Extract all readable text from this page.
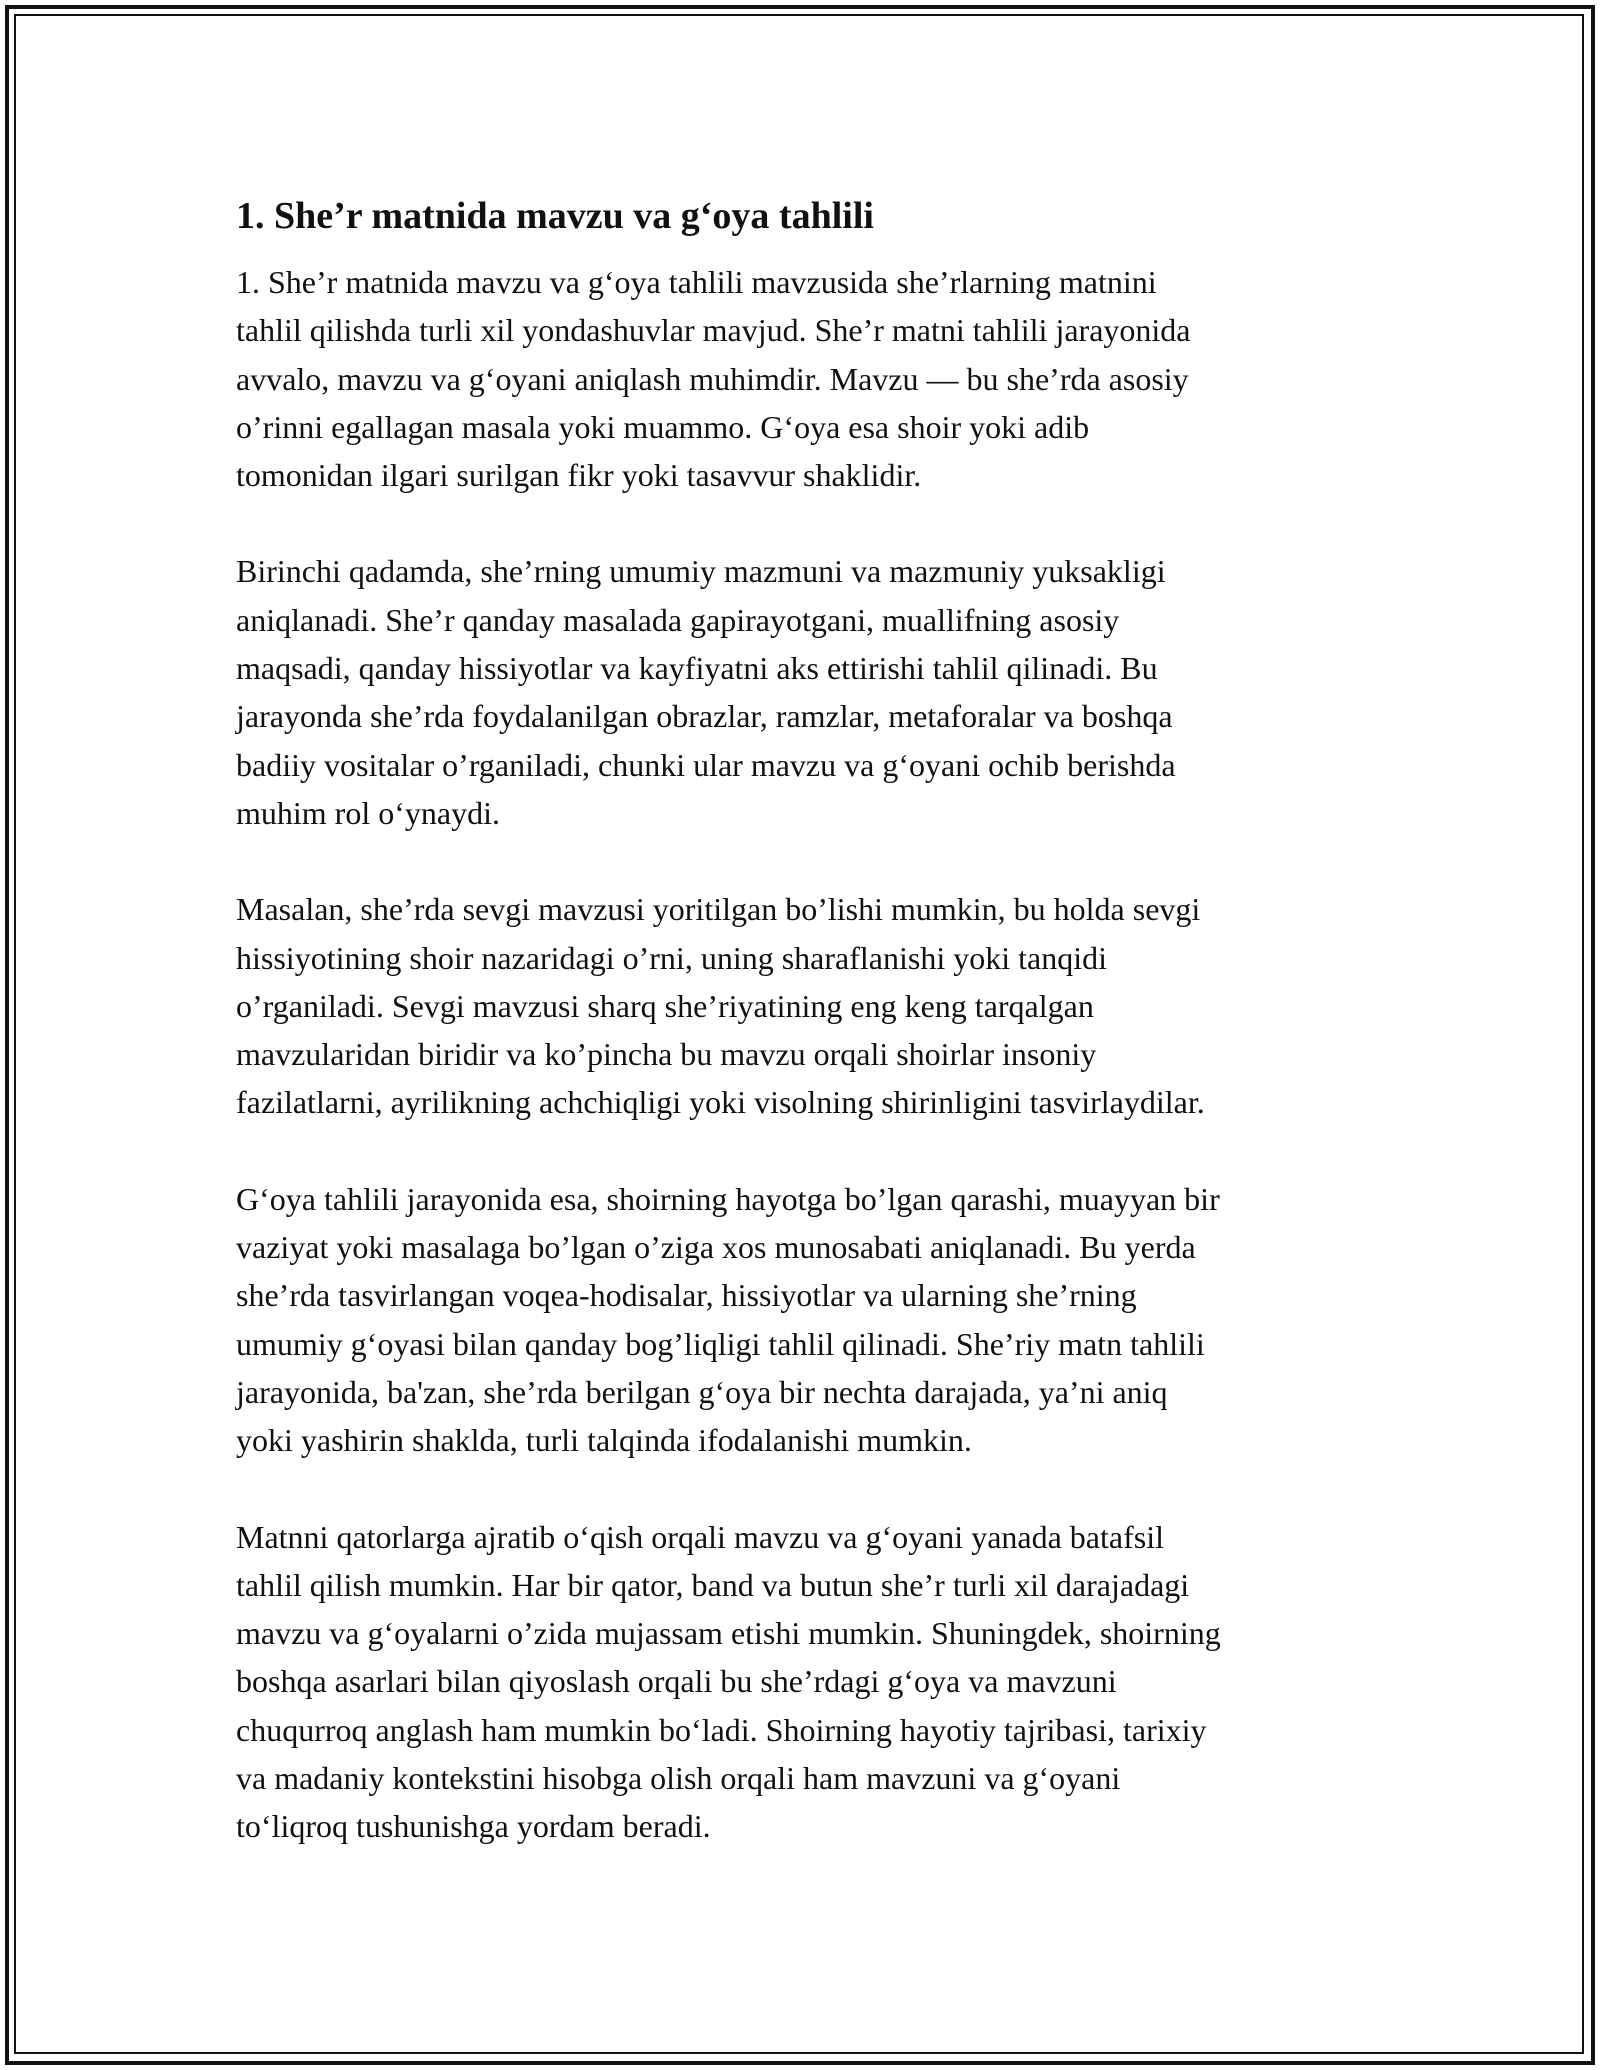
1. She’r matnida mavzu va g‘oya tahlili

1. She’r matnida mavzu va g‘oya tahlili mavzusida she’rlarning matnini
tahlil qilishda turli xil yondashuvlar mavjud. She’r matni tahlili jarayonida
avvalo, mavzu va g‘oyani aniqlash muhimdir. Mavzu — bu she’rda asosiy
o’rinni egallagan masala yoki muammo. G‘oya esa shoir yoki adib
tomonidan ilgari surilgan fikr yoki tasavvur shaklidir.

Birinchi qadamda, she’rning umumiy mazmuni va mazmuniy yuksakligi
aniqlanadi. She’r qanday masalada gapirayotgani, muallifning asosiy
maqsadi, qanday hissiyotlar va kayfiyatni aks ettirishi tahlil qilinadi. Bu
jarayonda she’rda foydalanilgan obrazlar, ramzlar, metaforalar va boshqa
badiiy vositalar o’rganiladi, chunki ular mavzu va g‘oyani ochib berishda
muhim rol o‘ynaydi.

Masalan, she’rda sevgi mavzusi yoritilgan bo’lishi mumkin, bu holda sevgi
hissiyotining shoir nazaridagi o’rni, uning sharaflanishi yoki tanqidi
o’rganiladi. Sevgi mavzusi sharq she’riyatining eng keng tarqalgan
mavzularidan biridir va ko’pincha bu mavzu orqali shoirlar insoniy
fazilatlarni, ayrilikning achchiqligi yoki visolning shirinligini tasvirlaydilar.

G‘oya tahlili jarayonida esa, shoirning hayotga bo’lgan qarashi, muayyan bir
vaziyat yoki masalaga bo’lgan o’ziga xos munosabati aniqlanadi. Bu yerda
she’rda tasvirlangan voqea-hodisalar, hissiyotlar va ularning she’rning
umumiy g‘oyasi bilan qanday bog’liqligi tahlil qilinadi. She’riy matn tahlili
jarayonida, ba'zan, she’rda berilgan g‘oya bir nechta darajada, ya’ni aniq
yoki yashirin shaklda, turli talqinda ifodalanishi mumkin.

Matnni qatorlarga ajratib o‘qish orqali mavzu va g‘oyani yanada batafsil
tahlil qilish mumkin. Har bir qator, band va butun she’r turli xil darajadagi
mavzu va g‘oyalarni o’zida mujassam etishi mumkin. Shuningdek, shoirning
boshqa asarlari bilan qiyoslash orqali bu she’rdagi g‘oya va mavzuni
chuqurroq anglash ham mumkin bo‘ladi. Shoirning hayotiy tajribasi, tarixiy
va madaniy kontekstini hisobga olish orqali ham mavzuni va g‘oyani
to‘liqroq tushunishga yordam beradi.
